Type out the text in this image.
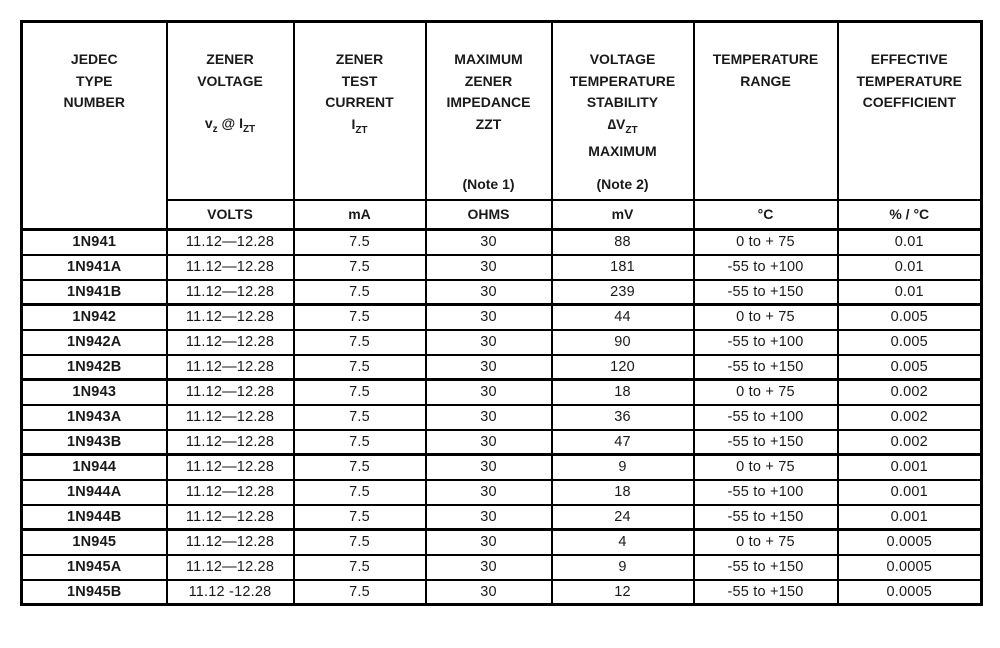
JEDEC
TYPE
NUMBER

ZENER
VOLTAGE
$v_z$ @ $I_{ZT}$

ZENER
TEST
CURRENT
$I_{ZT}$

MAXIMUM
ZENER
IMPEDANCE
ZZT
(Note 1)

VOLTAGE
TEMPERATURE
STABILITY
$\Delta V_{ZT}$
MAXIMUM
(Note 2)

TEMPERATURE
RANGE

EFFECTIVE
TEMPERATURE
COEFFICIENT

	VOLTS	mA	OHMS	mV	°C	% / °C
1N941	11.12—12.28	7.5	30	88	0 to + 75	0.01
1N941A	11.12—12.28	7.5	30	181	-55 to +100	0.01
1N941B	11.12—12.28	7.5	30	239	-55 to +150	0.01
1N942	11.12—12.28	7.5	30	44	0 to + 75	0.005
1N942A	11.12—12.28	7.5	30	90	-55 to +100	0.005
1N942B	11.12—12.28	7.5	30	120	-55 to +150	0.005
1N943	11.12—12.28	7.5	30	18	0 to + 75	0.002
1N943A	11.12—12.28	7.5	30	36	-55 to +100	0.002
1N943B	11.12—12.28	7.5	30	47	-55 to +150	0.002
1N944	11.12—12.28	7.5	30	9	0 to + 75	0.001
1N944A	11.12—12.28	7.5	30	18	-55 to +100	0.001
1N944B	11.12—12.28	7.5	30	24	-55 to +150	0.001
1N945	11.12—12.28	7.5	30	4	0 to + 75	0.0005
1N945A	11.12—12.28	7.5	30	9	-55 to +150	0.0005
1N945B	11.12 -12.28	7.5	30	12	-55 to +150	0.0005
